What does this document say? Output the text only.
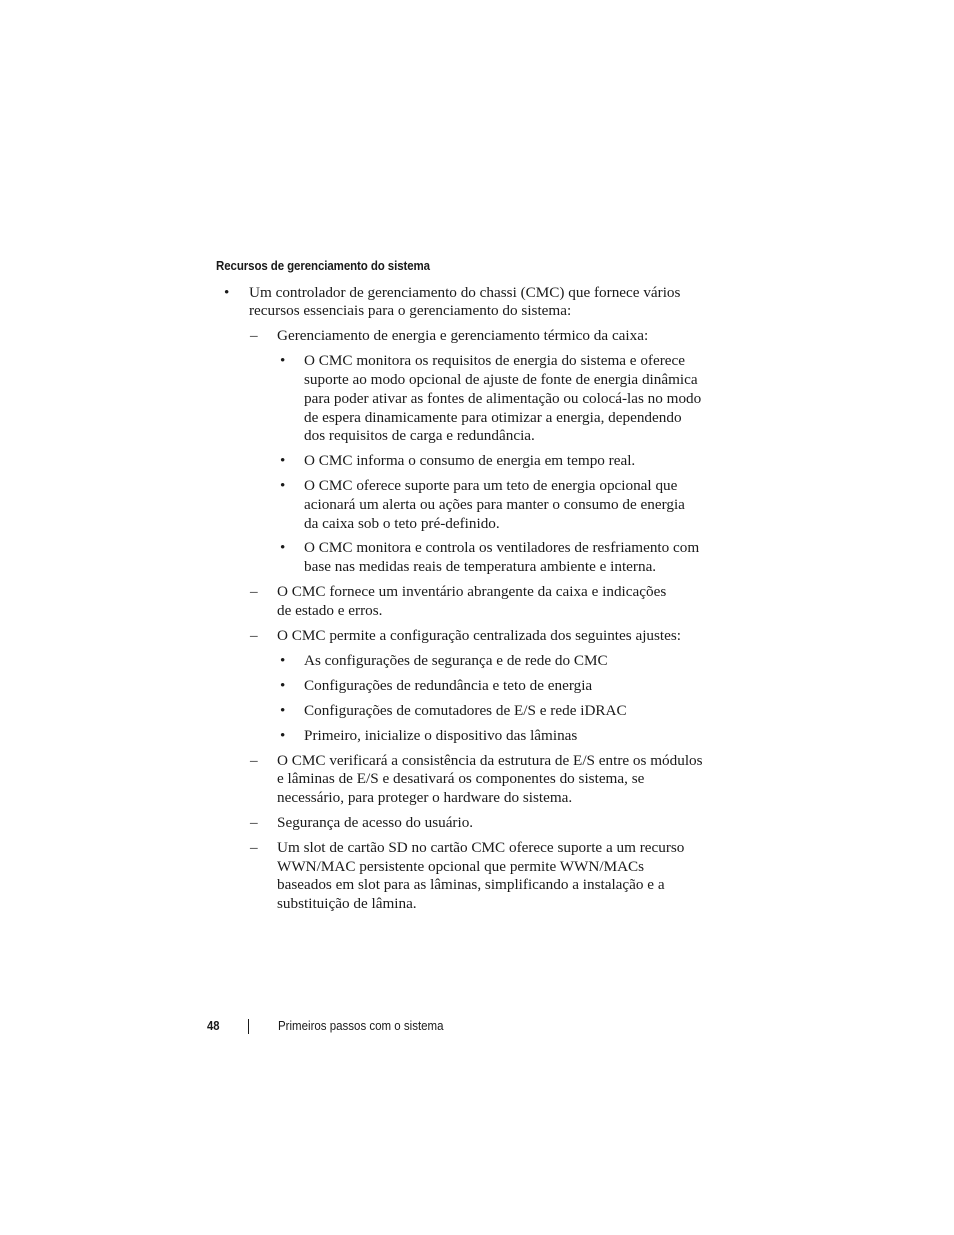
Recursos de gerenciamento do sistema
• Um controlador de gerenciamento do chassi (CMC) que fornece vários
recursos essenciais para o gerenciamento do sistema:
– Gerenciamento de energia e gerenciamento térmico da caixa:
• O CMC monitora os requisitos de energia do sistema e oferece
suporte ao modo opcional de ajuste de fonte de energia dinâmica
para poder ativar as fontes de alimentação ou colocá-las no modo
de espera dinamicamente para otimizar a energia, dependendo
dos requisitos de carga e redundância.
• O CMC informa o consumo de energia em tempo real.
• O CMC oferece suporte para um teto de energia opcional que
acionará um alerta ou ações para manter o consumo de energia
da caixa sob o teto pré-definido.
• O CMC monitora e controla os ventiladores de resfriamento com
base nas medidas reais de temperatura ambiente e interna.
– O CMC fornece um inventário abrangente da caixa e indicações
de estado e erros.
– O CMC permite a configuração centralizada dos seguintes ajustes:
• As configurações de segurança e de rede do CMC
• Configurações de redundância e teto de energia
• Configurações de comutadores de E/S e rede iDRAC
• Primeiro, inicialize o dispositivo das lâminas
– O CMC verificará a consistência da estrutura de E/S entre os módulos
e lâminas de E/S e desativará os componentes do sistema, se
necessário, para proteger o hardware do sistema.
– Segurança de acesso do usuário.
– Um slot de cartão SD no cartão CMC oferece suporte a um recurso
WWN/MAC persistente opcional que permite WWN/MACs
baseados em slot para as lâminas, simplificando a instalação e a
substituição de lâmina.
48	Primeiros passos com o sistema
